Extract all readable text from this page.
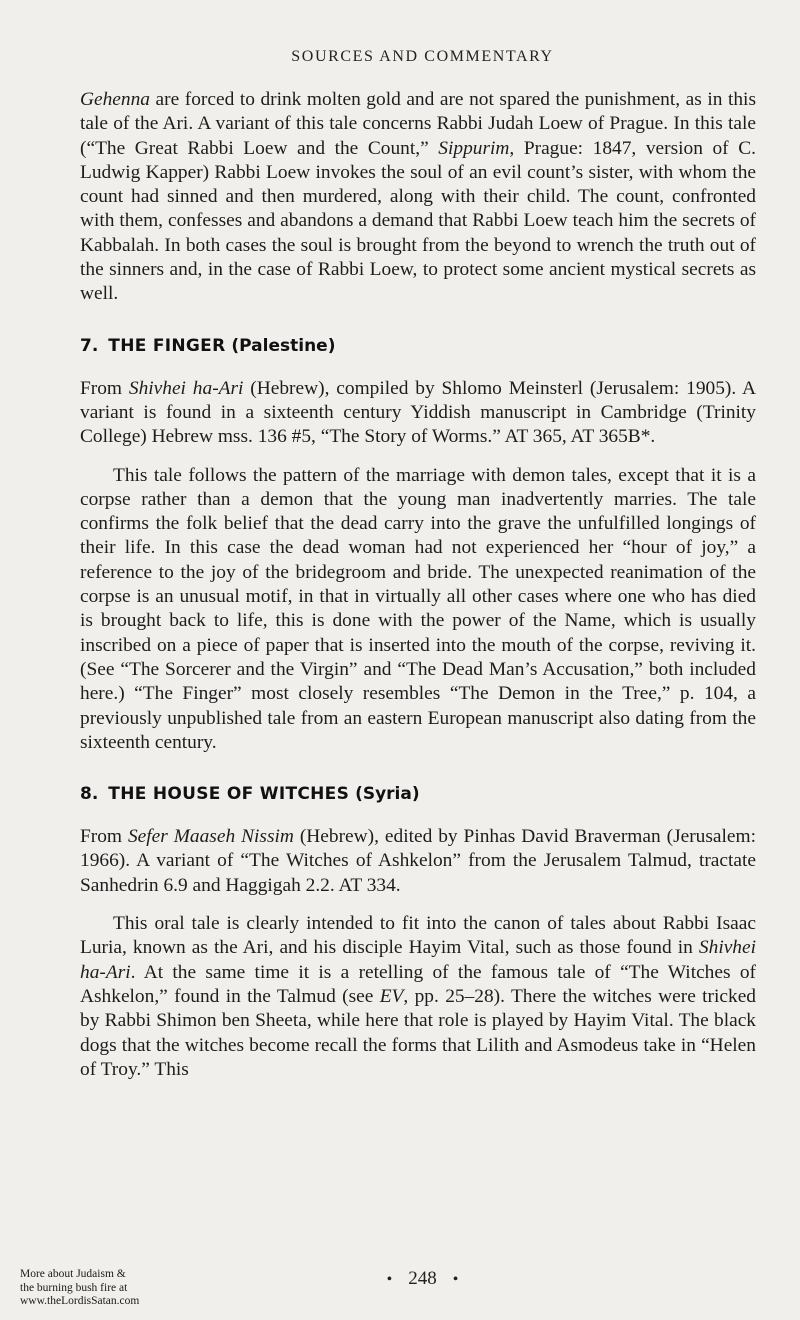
SOURCES AND COMMENTARY

Gehenna are forced to drink molten gold and are not spared the punishment, as in this tale of the Ari. A variant of this tale concerns Rabbi Judah Loew of Prague. In this tale (“The Great Rabbi Loew and the Count,” Sippurim, Prague: 1847, version of C. Ludwig Kapper) Rabbi Loew invokes the soul of an evil count’s sister, with whom the count had sinned and then murdered, along with their child. The count, confronted with them, confesses and abandons a demand that Rabbi Loew teach him the secrets of Kabbalah. In both cases the soul is brought from the beyond to wrench the truth out of the sinners and, in the case of Rabbi Loew, to protect some ancient mystical secrets as well.

7. THE FINGER (Palestine)

From Shivhei ha-Ari (Hebrew), compiled by Shlomo Meinsterl (Jerusalem: 1905). A variant is found in a sixteenth century Yiddish manuscript in Cambridge (Trinity College) Hebrew mss. 136 #5, “The Story of Worms.” AT 365, AT 365B*.

This tale follows the pattern of the marriage with demon tales, except that it is a corpse rather than a demon that the young man inadvertently marries. The tale confirms the folk belief that the dead carry into the grave the unfulfilled longings of their life. In this case the dead woman had not experienced her “hour of joy,” a reference to the joy of the bridegroom and bride. The unexpected reanimation of the corpse is an unusual motif, in that in virtually all other cases where one who has died is brought back to life, this is done with the power of the Name, which is usually inscribed on a piece of paper that is inserted into the mouth of the corpse, reviving it. (See “The Sorcerer and the Virgin” and “The Dead Man’s Accusation,” both included here.) “The Finger” most closely resembles “The Demon in the Tree,” p. 104, a previously unpublished tale from an eastern European manuscript also dating from the sixteenth century.

8. THE HOUSE OF WITCHES (Syria)

From Sefer Maaseh Nissim (Hebrew), edited by Pinhas David Braverman (Jerusalem: 1966). A variant of “The Witches of Ashkelon” from the Jerusalem Talmud, tractate Sanhedrin 6.9 and Haggigah 2.2. AT 334.

This oral tale is clearly intended to fit into the canon of tales about Rabbi Isaac Luria, known as the Ari, and his disciple Hayim Vital, such as those found in Shivhei ha-Ari. At the same time it is a retelling of the famous tale of “The Witches of Ashkelon,” found in the Talmud (see EV, pp. 25–28). There the witches were tricked by Rabbi Shimon ben Sheeta, while here that role is played by Hayim Vital. The black dogs that the witches become recall the forms that Lilith and Asmodeus take in “Helen of Troy.” This

• 248 •
More about Judaism &
the burning bush fire at
www.theLordisSatan.com
